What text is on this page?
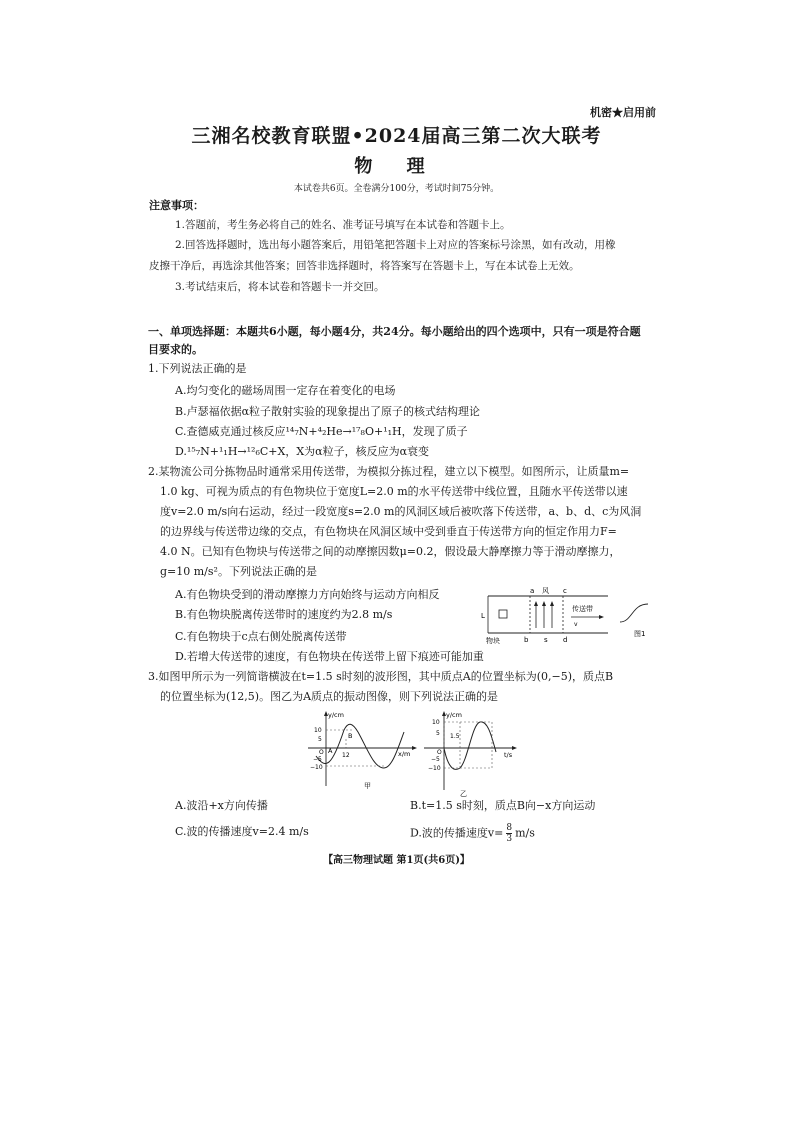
机密★启用前
三湘名校教育联盟•2024届高三第二次大联考
物 理
本试卷共6页。全卷满分100分，考试时间75分钟。
注意事项：
1.答题前，考生务必将自己的姓名、准考证号填写在本试卷和答题卡上。
2.回答选择题时，选出每小题答案后，用铅笔把答题卡上对应的答案标号涂黑，如有改动，用橡
皮擦干净后，再选涂其他答案；回答非选择题时，将答案写在答题卡上，写在本试卷上无效。
3.考试结束后，将本试卷和答题卡一并交回。
一、单项选择题：本题共6小题，每小题4分，共24分。每小题给出的四个选项中，只有一项是符合题
目要求的。
1.下列说法正确的是
A.均匀变化的磁场周围一定存在着变化的电场
B.卢瑟福依据α粒子散射实验的现象提出了原子的核式结构理论
C.查德威克通过核反应¹⁴₇N+⁴₂He→¹⁷₈O+¹₁H，发现了质子
D.¹⁵₇N+¹₁H→¹²₆C+X，X为α粒子，核反应为α衰变
2.某物流公司分拣物品时通常采用传送带，为模拟分拣过程，建立以下模型。如图所示，让质量m=
1.0 kg、可视为质点的有色物块位于宽度L=2.0 m的水平传送带中线位置，且随水平传送带以速
度v=2.0 m/s向右运动，经过一段宽度s=2.0 m的风洞区域后被吹落下传送带，a、b、d、c为风洞
的边界线与传送带边缘的交点，有色物块在风洞区域中受到垂直于传送带方向的恒定作用力F=
4.0 N。已知有色物块与传送带之间的动摩擦因数μ=0.2，假设最大静摩擦力等于滑动摩擦力，
g=10 m/s²。下列说法正确的是
A.有色物块受到的滑动摩擦力方向始终与运动方向相反
B.有色物块脱离传送带时的速度约为2.8 m/s
C.有色物块于c点右侧处脱离传送带
D.若增大传送带的速度，有色物块在传送带上留下痕迹可能加重
a 风 c
传送带
v
L
物块	b s d
图1
3.如图甲所示为一列简谐横波在t=1.5 s时刻的波形图，其中质点A的位置坐标为(0,−5)，质点B
的位置坐标为(12,5)。图乙为A质点的振动图像，则下列说法正确的是
y/cm
x/m
10
5
O
−5
−10
A
B
12
甲
y/cm
t/s
10
5
O
−5
−10
1.5
乙
A.波沿+x方向传播	B.t=1.5 s时刻，质点B向−x方向运动
C.波的传播速度v=2.4 m/s	D.波的传播速度$v= \frac{8}{3} m/s$
【高三物理试题 第1页(共6页)】
